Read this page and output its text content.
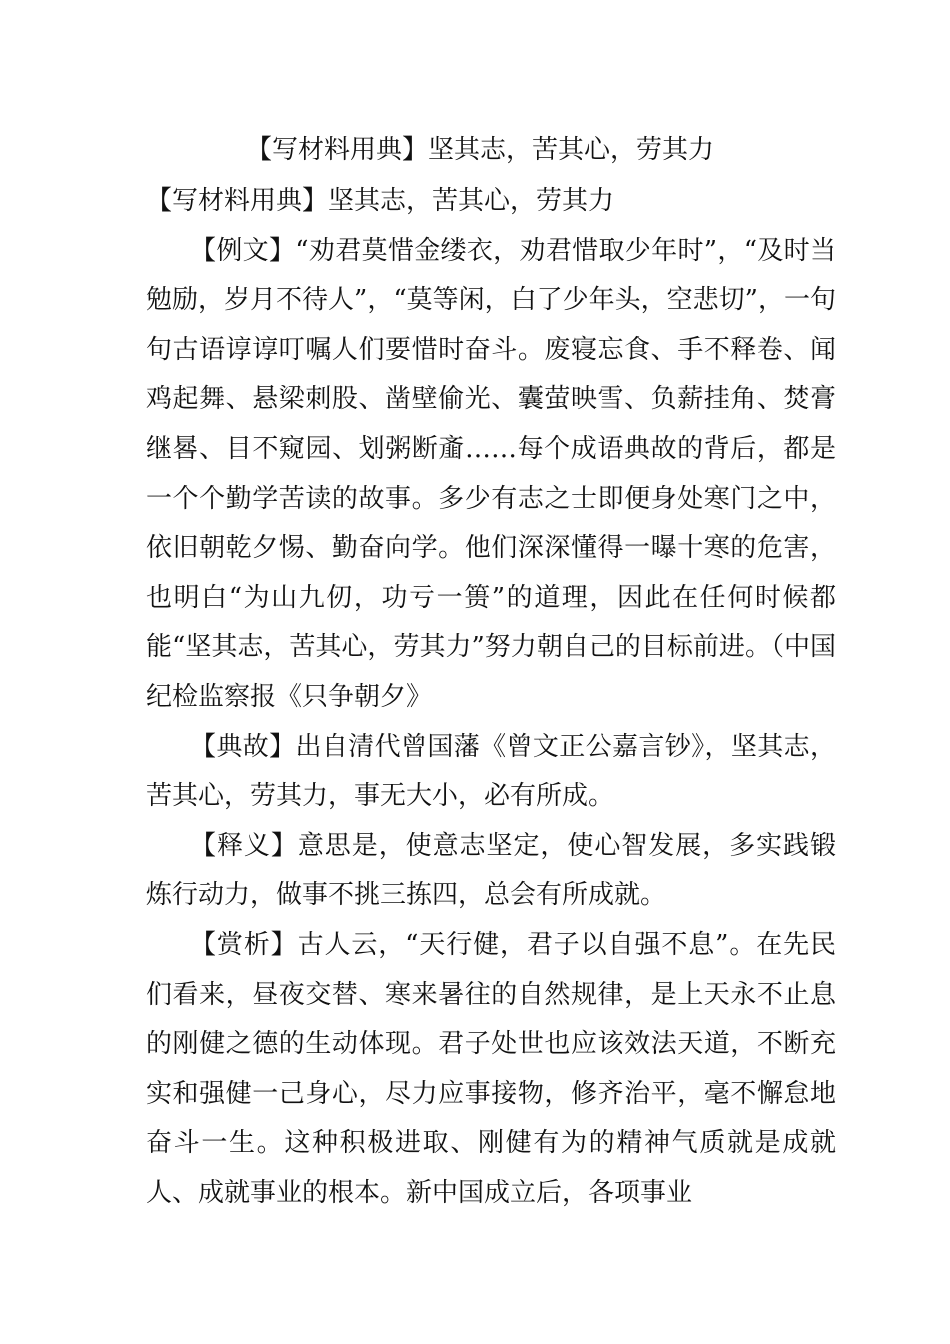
【写材料用典】坚其志，苦其心，劳其力

【写材料用典】坚其志，苦其心，劳其力

【例文】“劝君莫惜金缕衣，劝君惜取少年时”，“及时当勉励，岁月不待人”，“莫等闲，白了少年头，空悲切”，一句句古语谆谆叮嘱人们要惜时奋斗。废寝忘食、手不释卷、闻鸡起舞、悬梁刺股、凿壁偷光、囊萤映雪、负薪挂角、焚膏继晷、目不窥园、划粥断齑……每个成语典故的背后，都是一个个勤学苦读的故事。多少有志之士即便身处寒门之中，依旧朝乾夕惕、勤奋向学。他们深深懂得一曝十寒的危害，也明白“为山九仞，功亏一篑”的道理，因此在任何时候都能“坚其志，苦其心，劳其力”努力朝自己的目标前进。（中国纪检监察报《只争朝夕》

【典故】出自清代曾国藩《曾文正公嘉言钞》，坚其志，苦其心，劳其力，事无大小，必有所成。

【释义】意思是，使意志坚定，使心智发展，多实践锻炼行动力，做事不挑三拣四，总会有所成就。

【赏析】古人云，“天行健，君子以自强不息”。在先民们看来，昼夜交替、寒来暑往的自然规律，是上天永不止息的刚健之德的生动体现。君子处世也应该效法天道，不断充实和强健一己身心，尽力应事接物，修齐治平，毫不懈怠地奋斗一生。这种积极进取、刚健有为的精神气质就是成就人、成就事业的根本。新中国成立后，各项事业
